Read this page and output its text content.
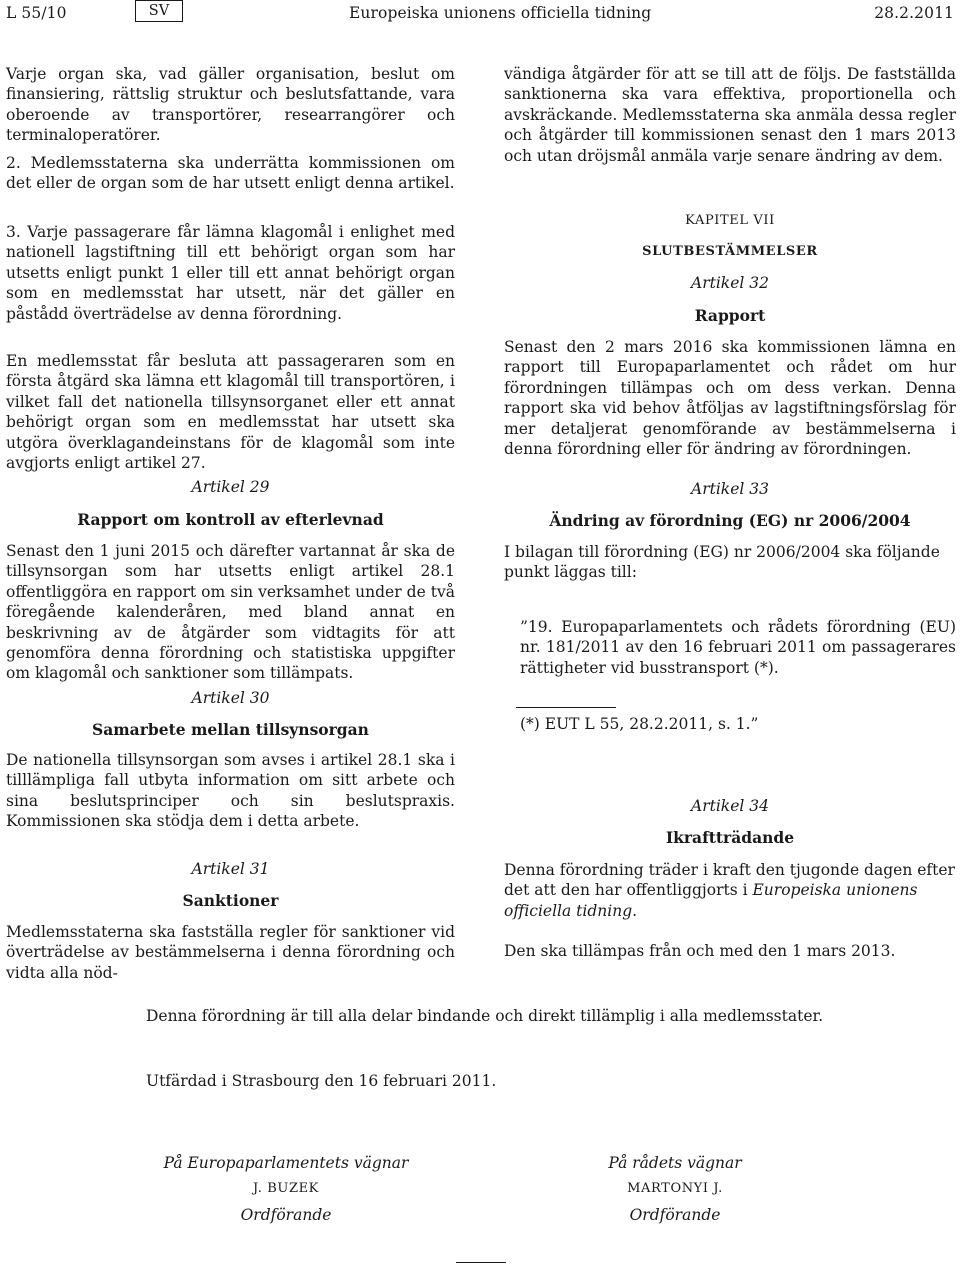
L 55/10	SV	Europeiska unionens officiella tidning	28.2.2011

Varje organ ska, vad gäller organisation, beslut om finansiering, rättslig struktur och beslutsfattande, vara oberoende av transportörer, researrangörer och terminaloperatörer.

2. Medlemsstaterna ska underrätta kommissionen om det eller de organ som de har utsett enligt denna artikel.

3. Varje passagerare får lämna klagomål i enlighet med nationell lagstiftning till ett behörigt organ som har utsetts enligt punkt 1 eller till ett annat behörigt organ som en medlemsstat har utsett, när det gäller en påstådd överträdelse av denna förordning.

En medlemsstat får besluta att passageraren som en första åtgärd ska lämna ett klagomål till transportören, i vilket fall det nationella tillsynsorganet eller ett annat behörigt organ som en medlemsstat har utsett ska utgöra överklagandeinstans för de klagomål som inte avgjorts enligt artikel 27.

Artikel 29

Rapport om kontroll av efterlevnad

Senast den 1 juni 2015 och därefter vartannat år ska de tillsynsorgan som har utsetts enligt artikel 28.1 offentliggöra en rapport om sin verksamhet under de två föregående kalenderåren, med bland annat en beskrivning av de åtgärder som vidtagits för att genomföra denna förordning och statistiska uppgifter om klagomål och sanktioner som tillämpats.

Artikel 30

Samarbete mellan tillsynsorgan

De nationella tillsynsorgan som avses i artikel 28.1 ska i tilllämpliga fall utbyta information om sitt arbete och sina beslutsprinciper och sin beslutspraxis. Kommissionen ska stödja dem i detta arbete.

Artikel 31

Sanktioner

Medlemsstaterna ska fastställa regler för sanktioner vid överträdelse av bestämmelserna i denna förordning och vidta alla nöd-

vändiga åtgärder för att se till att de följs. De fastställda sanktionerna ska vara effektiva, proportionella och avskräckande. Medlemsstaterna ska anmäla dessa regler och åtgärder till kommissionen senast den 1 mars 2013 och utan dröjsmål anmäla varje senare ändring av dem.

KAPITEL VII

SLUTBESTÄMMELSER

Artikel 32

Rapport

Senast den 2 mars 2016 ska kommissionen lämna en rapport till Europaparlamentet och rådet om hur förordningen tillämpas och om dess verkan. Denna rapport ska vid behov åtföljas av lagstiftningsförslag för mer detaljerat genomförande av bestämmelserna i denna förordning eller för ändring av förordningen.

Artikel 33

Ändring av förordning (EG) nr 2006/2004

I bilagan till förordning (EG) nr 2006/2004 ska följande punkt läggas till:

”19. Europaparlamentets och rådets förordning (EU) nr. 181/2011 av den 16 februari 2011 om passagerares rättigheter vid busstransport (*).

(*) EUT L 55, 28.2.2011, s. 1.”

Artikel 34

Ikraftträdande

Denna förordning träder i kraft den tjugonde dagen efter det att den har offentliggjorts i Europeiska unionens officiella tidning.

Den ska tillämpas från och med den 1 mars 2013.

Denna förordning är till alla delar bindande och direkt tillämplig i alla medlemsstater.

Utfärdad i Strasbourg den 16 februari 2011.

På Europaparlamentets vägnar
J. BUZEK
Ordförande
På rådets vägnar
MARTONYI J.
Ordförande
